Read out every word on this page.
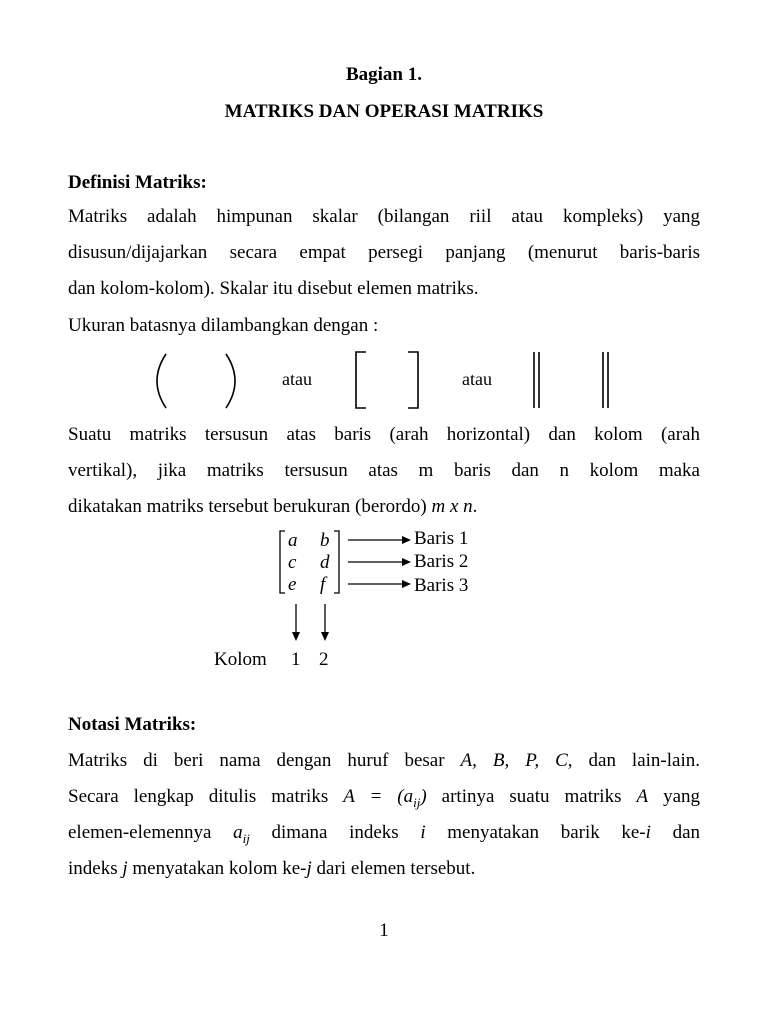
Bagian 1.
MATRIKS DAN OPERASI MATRIKS
Definisi Matriks:
Matriks adalah himpunan skalar (bilangan riil atau kompleks) yang
disusun/dijajarkan secara empat persegi panjang (menurut baris-baris
dan kolom-kolom). Skalar itu disebut elemen matriks.
Ukuran batasnya dilambangkan dengan :
atau	atau
Suatu matriks tersusun atas baris (arah horizontal) dan kolom (arah
vertikal), jika matriks tersusun atas m baris dan n kolom maka
dikatakan matriks tersebut berukuran (berordo) m x n.
a b
c d
e f
Baris 1
Baris 2
Baris 3
Kolom 1 2
Notasi Matriks:
Matriks di beri nama dengan huruf besar A, B, P, C, dan lain-lain.
Secara lengkap ditulis matriks $A = (a_{ij})$ artinya suatu matriks A yang
elemen-elemennya $a_{ij}$ dimana indeks i menyatakan barik ke-i dan
indeks j menyatakan kolom ke-j dari elemen tersebut.
1
